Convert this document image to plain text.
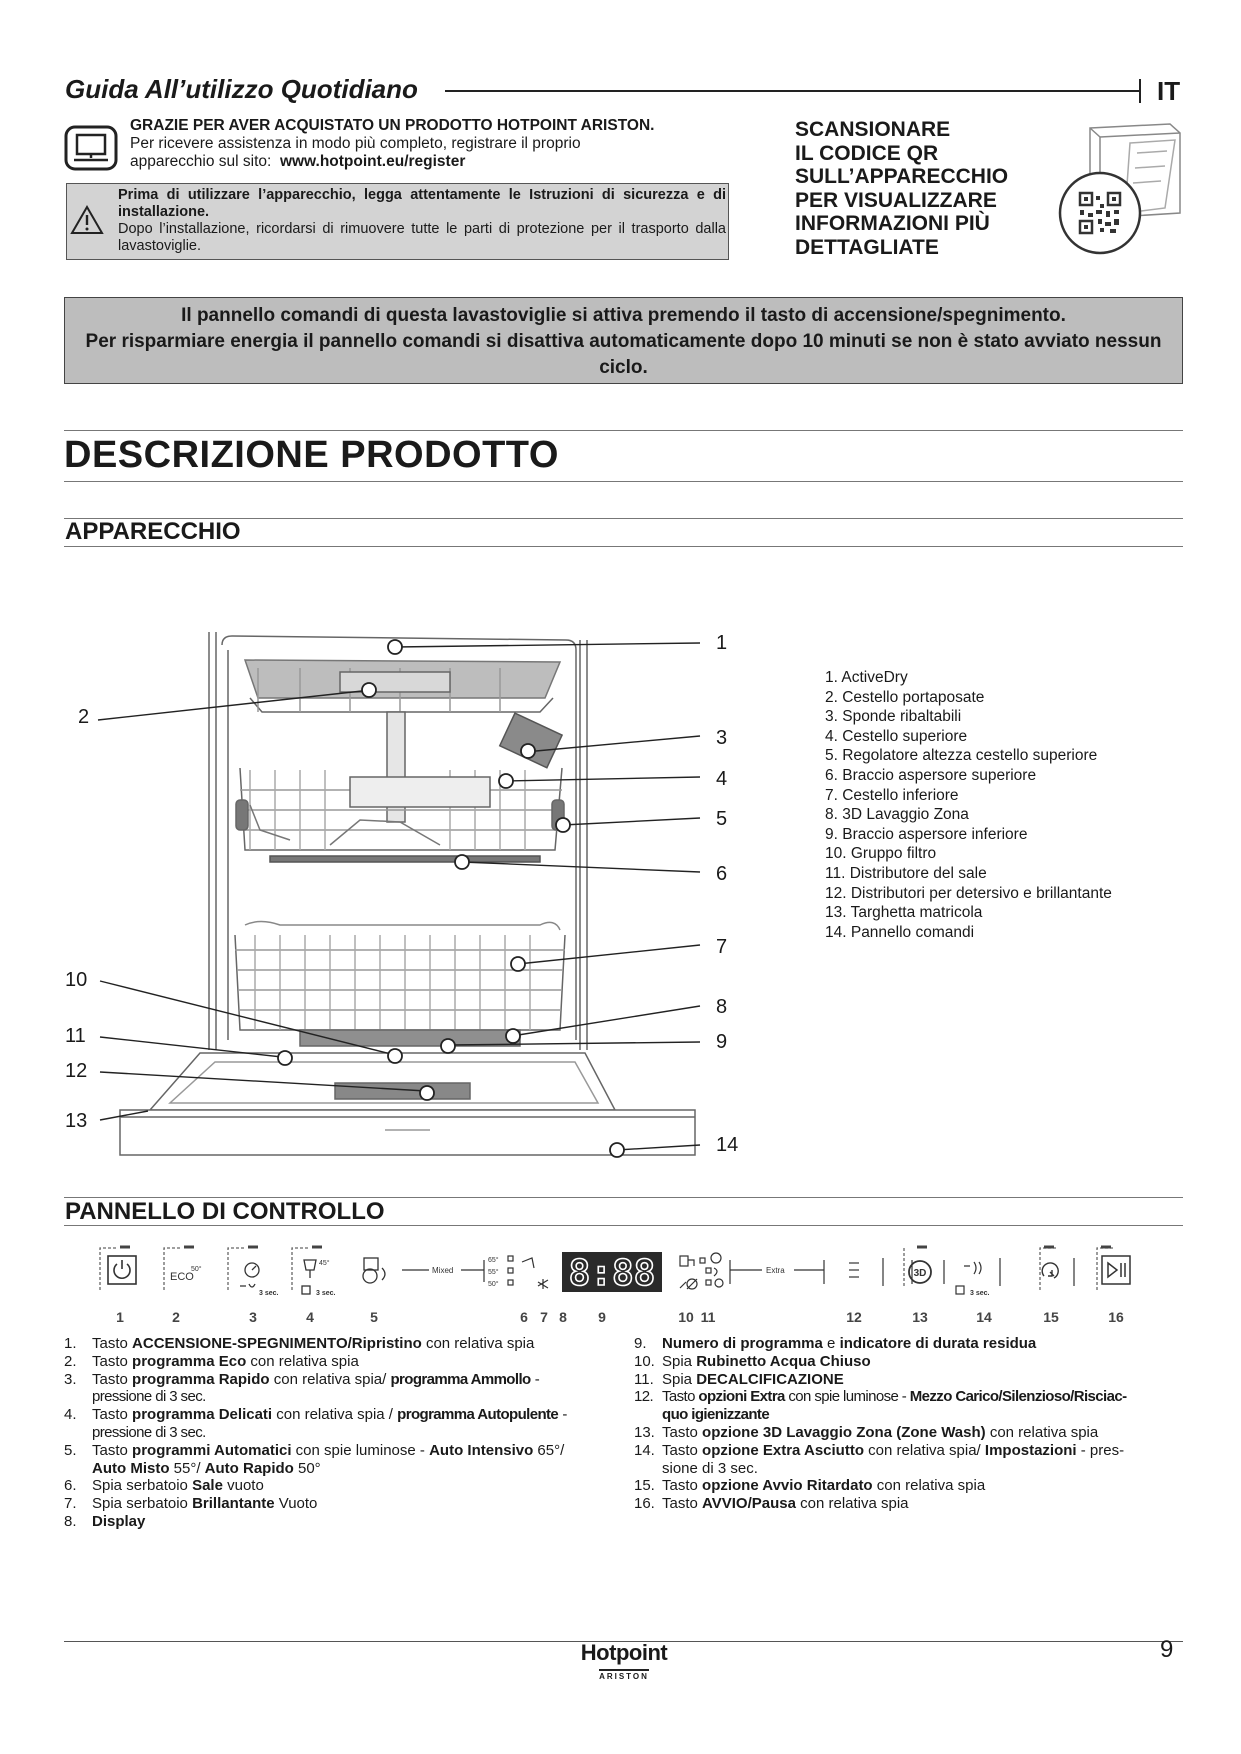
Guida All’utilizzo Quotidiano	IT
GRAZIE PER AVER ACQUISTATO UN PRODOTTO HOTPOINT ARISTON.
Per ricevere assistenza in modo più completo, registrare il proprio
apparecchio sul sito: www.hotpoint.eu/register
Prima di utilizzare l’apparecchio, legga attentamente le Istruzioni di sicurezza e di installazione.
Dopo l’installazione, ricordarsi di rimuovere tutte le parti di protezione per il trasporto dalla lavastoviglie.
SCANSIONARE
IL CODICE QR
SULL’APPARECCHIO
PER VISUALIZZARE
INFORMAZIONI PIÙ
DETTAGLIATE
Il pannello comandi di questa lavastoviglie si attiva premendo il tasto di accensione/spegnimento.
Per risparmiare energia il pannello comandi si disattiva automaticamente dopo 10 minuti se non è stato avviato nessun ciclo.
DESCRIZIONE PRODOTTO
APPARECCHIO
1
2
3
4
5
6
7
8
9
10
11
12
13
14
1. ActiveDry
2. Cestello portaposate
3. Sponde ribaltabili
4. Cestello superiore
5. Regolatore altezza cestello superiore
6. Braccio aspersore superiore
7. Cestello inferiore
8. 3D Lavaggio Zona
9. Braccio aspersore inferiore
10. Gruppo filtro
11. Distributore del sale
12. Distributori per detersivo e brillantante
13. Targhetta matricola
14. Pannello comandi
PANNELLO DI CONTROLLO
ECO
50°
3 sec.
45°
3 sec.
Mixed
65°
55°
50° 8:88	Extra	3D
3 sec.
1	2	3	4	5	6 7 8 9	10 11	12	13	14	15	16
1.	Tasto ACCENSIONE-SPEGNIMENTO/Ripristino con relativa spia
2.	Tasto programma Eco con relativa spia
3.	Tasto programma Rapido con relativa spia/ programma Ammollo -
pressione di 3 sec.
4.	Tasto programma Delicati con relativa spia / programma Autopulente -
pressione di 3 sec.
5.	Tasto programmi Automatici con spie luminose - Auto Intensivo 65°/
Auto Misto 55°/ Auto Rapido 50°
6.	Spia serbatoio Sale vuoto
7.	Spia serbatoio Brillantante Vuoto
8.	Display
9.	Numero di programma e indicatore di durata residua
10. Spia Rubinetto Acqua Chiuso
11. Spia DECALCIFICAZIONE
12. Tasto opzioni Extra con spie luminose - Mezzo Carico/Silenzioso/Risciac-
quo igienizzante
13. Tasto opzione 3D Lavaggio Zona (Zone Wash) con relativa spia
14. Tasto opzione Extra Asciutto con relativa spia/ Impostazioni - pres-
sione di 3 sec.
15. Tasto opzione Avvio Ritardato con relativa spia
16. Tasto AVVIO/Pausa con relativa spia
Hotpoint
ARISTON
9
